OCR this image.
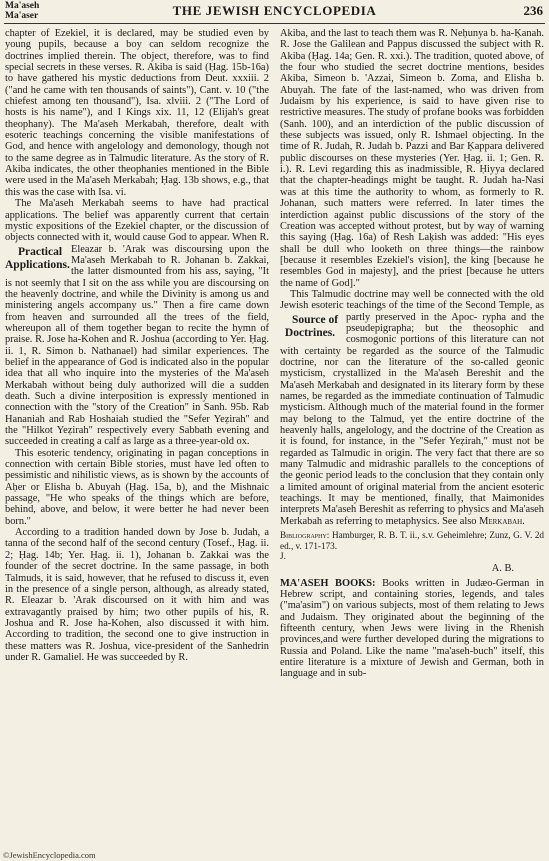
Ma'aseh
Ma'aser	THE JEWISH ENCYCLOPEDIA	236

chapter of Ezekiel, it is declared, may be studied even by young pupils, because a boy can seldom recognize the doctrines implied therein. The object, therefore, was to find special secrets in these verses. R. Akiba is said (Ḥag. 15b-16a) to have gathered his mystic deductions from Deut. xxxiii. 2 ("and he came with ten thousands of saints"), Cant. v. 10 ("the chiefest among ten thousand"), Isa. xlviii. 2 ("The Lord of hosts is his name"), and I Kings xix. 11, 12 (Elijah's great theophany). The Ma'aseh Merkabah, therefore, dealt with esoteric teachings concerning the visible manifestations of God, and hence with angelology and demonology, though not to the same degree as in Talmudic literature. As the story of R. Akiba indicates, the other theophanies mentioned in the Bible were used in the Ma'aseh Merkabah; Ḥag. 13b shows, e.g., that this was the case with Isa. vi.

The Ma'aseh Merkabah seems to have had practical applications. The belief was apparently current that certain mystic expositions of the Ezekiel chapter, or the discussion of objects connected with it, would cause God to appear. When R. Eleazar
Practical Applications.
b. 'Arak was discoursing upon the Ma'aseh Merkabah to R. Johanan b. Zakkai, the latter dismounted from his ass, saying, "It is not seemly that I sit on the ass while you are discoursing on the heavenly doctrine, and while the Divinity is among us and ministering angels accompany us." Then a fire came down from heaven and surrounded all the trees of the field, whereupon all of them together began to recite the hymn of praise. R. Jose ha-Kohen and R. Joshua (according to Yer. Ḥag. ii. 1, R. Simon b. Nathanael) had similar experiences. The belief in the appearance of God is indicated also in the popular idea that all who inquire into the mysteries of the Ma'aseh Merkabah without being duly authorized will die a sudden death. Such a divine interposition is expressly mentioned in connection with the "story of the Creation" in Sanh. 95b. Rab Hananiah and Rab Hoshaiah studied the "Sefer Yeẓirah" and the "Hilkot Yeẓirah" respectively every Sabbath evening and succeeded in creating a calf as large as a three-year-old ox.

This esoteric tendency, originating in pagan conceptions in connection with certain Bible stories, must have led often to pessimistic and nihilistic views, as is shown by the accounts of Aḥer or Elisha b. Abuyah (Ḥag. 15a, b), and the Mishnaic passage, "He who speaks of the things which are before, behind, above, and below, it were better he had never been born."

According to a tradition handed down by Jose b. Judah, a tanna of the second half of the second century (Tosef., Ḥag. ii. 2; Ḥag. 14b; Yer. Ḥag. ii. 1), Johanan b. Zakkai was the founder of the secret doctrine. In the same passage, in both Talmuds, it is said, however, that he refused to discuss it, even in the presence of a single person, although, as already stated, R. Eleazar b. 'Arak discoursed on it with him and was extravagantly praised by him; two other pupils of his, R. Joshua and R. Jose ha-Kohen, also discussed it with him. According to tradition, the second one to give instruction in these matters was R. Joshua, vice-president of the Sanhedrin under R. Gamaliel. He was succeeded by R.

Akiba, and the last to teach them was R. Neḥunya b. ha-Ḳanah. R. Jose the Galilean and Pappus discussed the subject with R. Akiba (Ḥag. 14a; Gen. R. xxi.). The tradition, quoted above, of the four who studied the secret doctrine mentions, besides Akiba, Simeon b. 'Azzai, Simeon b. Zoma, and Elisha b. Abuyah. The fate of the last-named, who was driven from Judaism by his experience, is said to have given rise to restrictive measures. The study of profane books was forbidden (Sanh. 100), and an interdiction of the public discussion of these subjects was issued, only R. Ishmael objecting. In the time of R. Judah, R. Judah b. Pazzi and Bar Ḳappara delivered public discourses on these mysteries (Yer. Ḥag. ii. 1; Gen. R. i.). R. Levi regarding this as inadmissible, R. Ḥiyya declared that the chapter-headings might be taught. R. Judah ha-Nasi was at this time the authority to whom, as formerly to R. Johanan, such matters were referred. In later times the interdiction against public discussions of the story of the Creation was accepted without protest, but by way of warning this saying (Ḥag. 16a) of Resh Laḳish was added: "His eyes shall be dull who looketh on three things—the rainbow [because it resembles Ezekiel's vision], the king [because he resembles God in majesty], and the priest [because he utters the name of God]."

This Talmudic doctrine may well be connected with the old Jewish esoteric teachings of the time of the Second Temple, as partly preserved in the Apoc-
Source of Doctrines.
rypha and the pseudepigrapha; but the theosophic and cosmogonic portions of this literature can not with certainty be regarded as the source of the Talmudic doctrine, nor can the literature of the so-called geonic mysticism, crystallized in the Ma'aseh Bereshit and the Ma'aseh Merkabah and designated in its literary form by these names, be regarded as the immediate continuation of Talmudic mysticism. Although much of the material found in the former may belong to the Talmud, yet the entire doctrine of the heavenly halls, angelology, and the doctrine of the Creation as it is found, for instance, in the "Sefer Yeẓirah," must not be regarded as Talmudic in origin. The very fact that there are so many Talmudic and midrashic parallels to the conceptions of the geonic period leads to the conclusion that they contain only a limited amount of original material from the ancient esoteric teachings. It may be mentioned, finally, that Maimonides interprets Ma'aseh Bereshit as referring to physics and Ma'aseh Merkabah as referring to metaphysics. See also Merkabah.

Bibliography: Hamburger, R. B. T. ii., s.v. Geheimlehre; Zunz, G. V. 2d ed., v. 171-173.
J.

A. B.

MA'ASEH BOOKS: Books written in Judæo-German in Hebrew script, and containing stories, legends, and tales ("ma'asim") on various subjects, most of them relating to Jews and Judaism. They originated about the beginning of the fifteenth century, when Jews were living in the Rhenish provinces,and were further developed during the migrations to Russia and Poland. Like the name "ma'aseh-buch" itself, this entire literature is a mixture of Jewish and German, both in language and in sub-

©JewishEncyclopedia.com
